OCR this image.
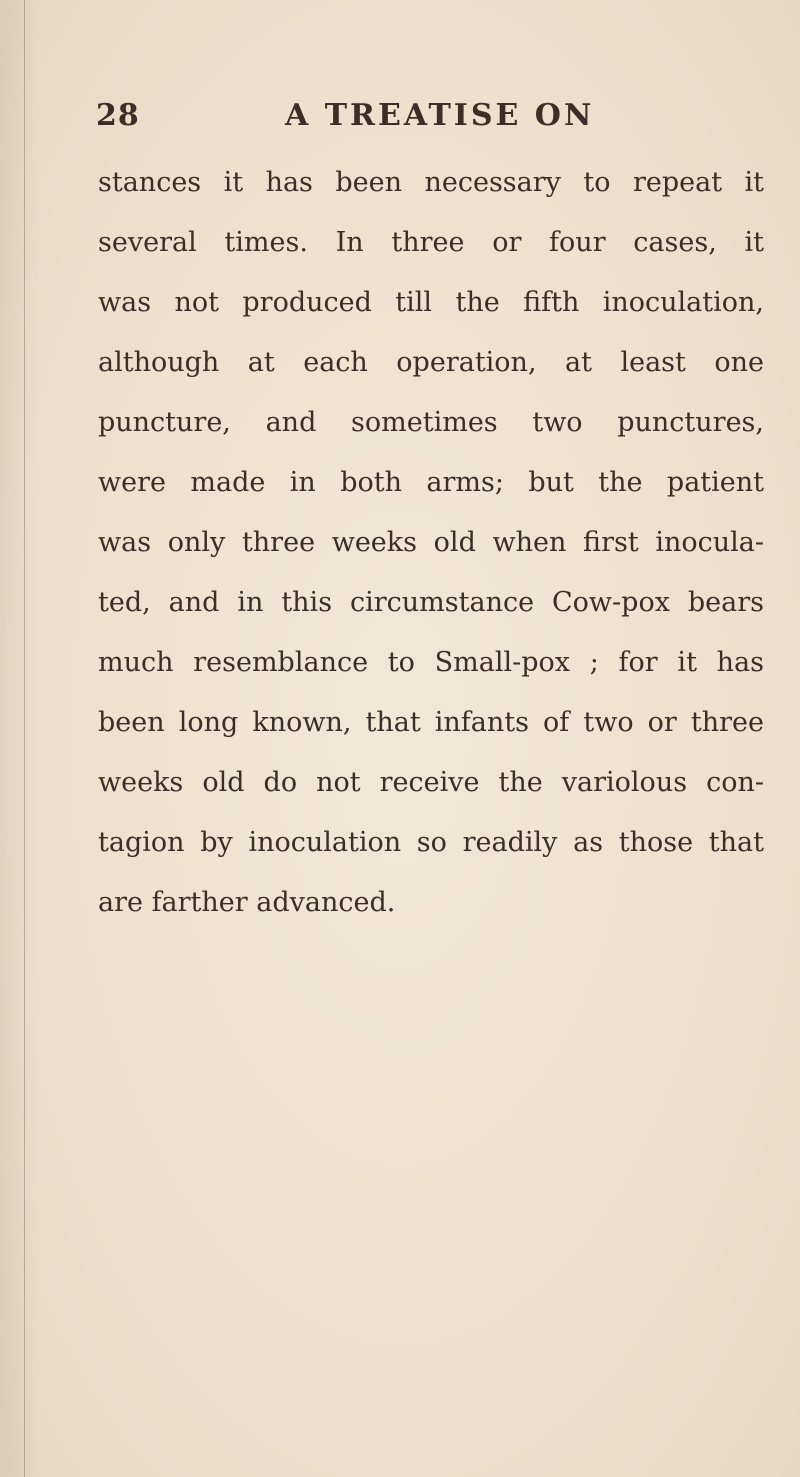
28	A TREATISE ON
stances it has been necessary to repeat it
several times. In three or four cases, it
was not produced till the fifth inoculation,
although at each operation, at least one
puncture, and sometimes two punctures,
were made in both arms; but the patient
was only three weeks old when first inocula-
ted, and in this circumstance Cow-pox bears
much resemblance to Small-pox ; for it has
been long known, that infants of two or three
weeks old do not receive the variolous con-
tagion by inoculation so readily as those that
are farther advanced.
